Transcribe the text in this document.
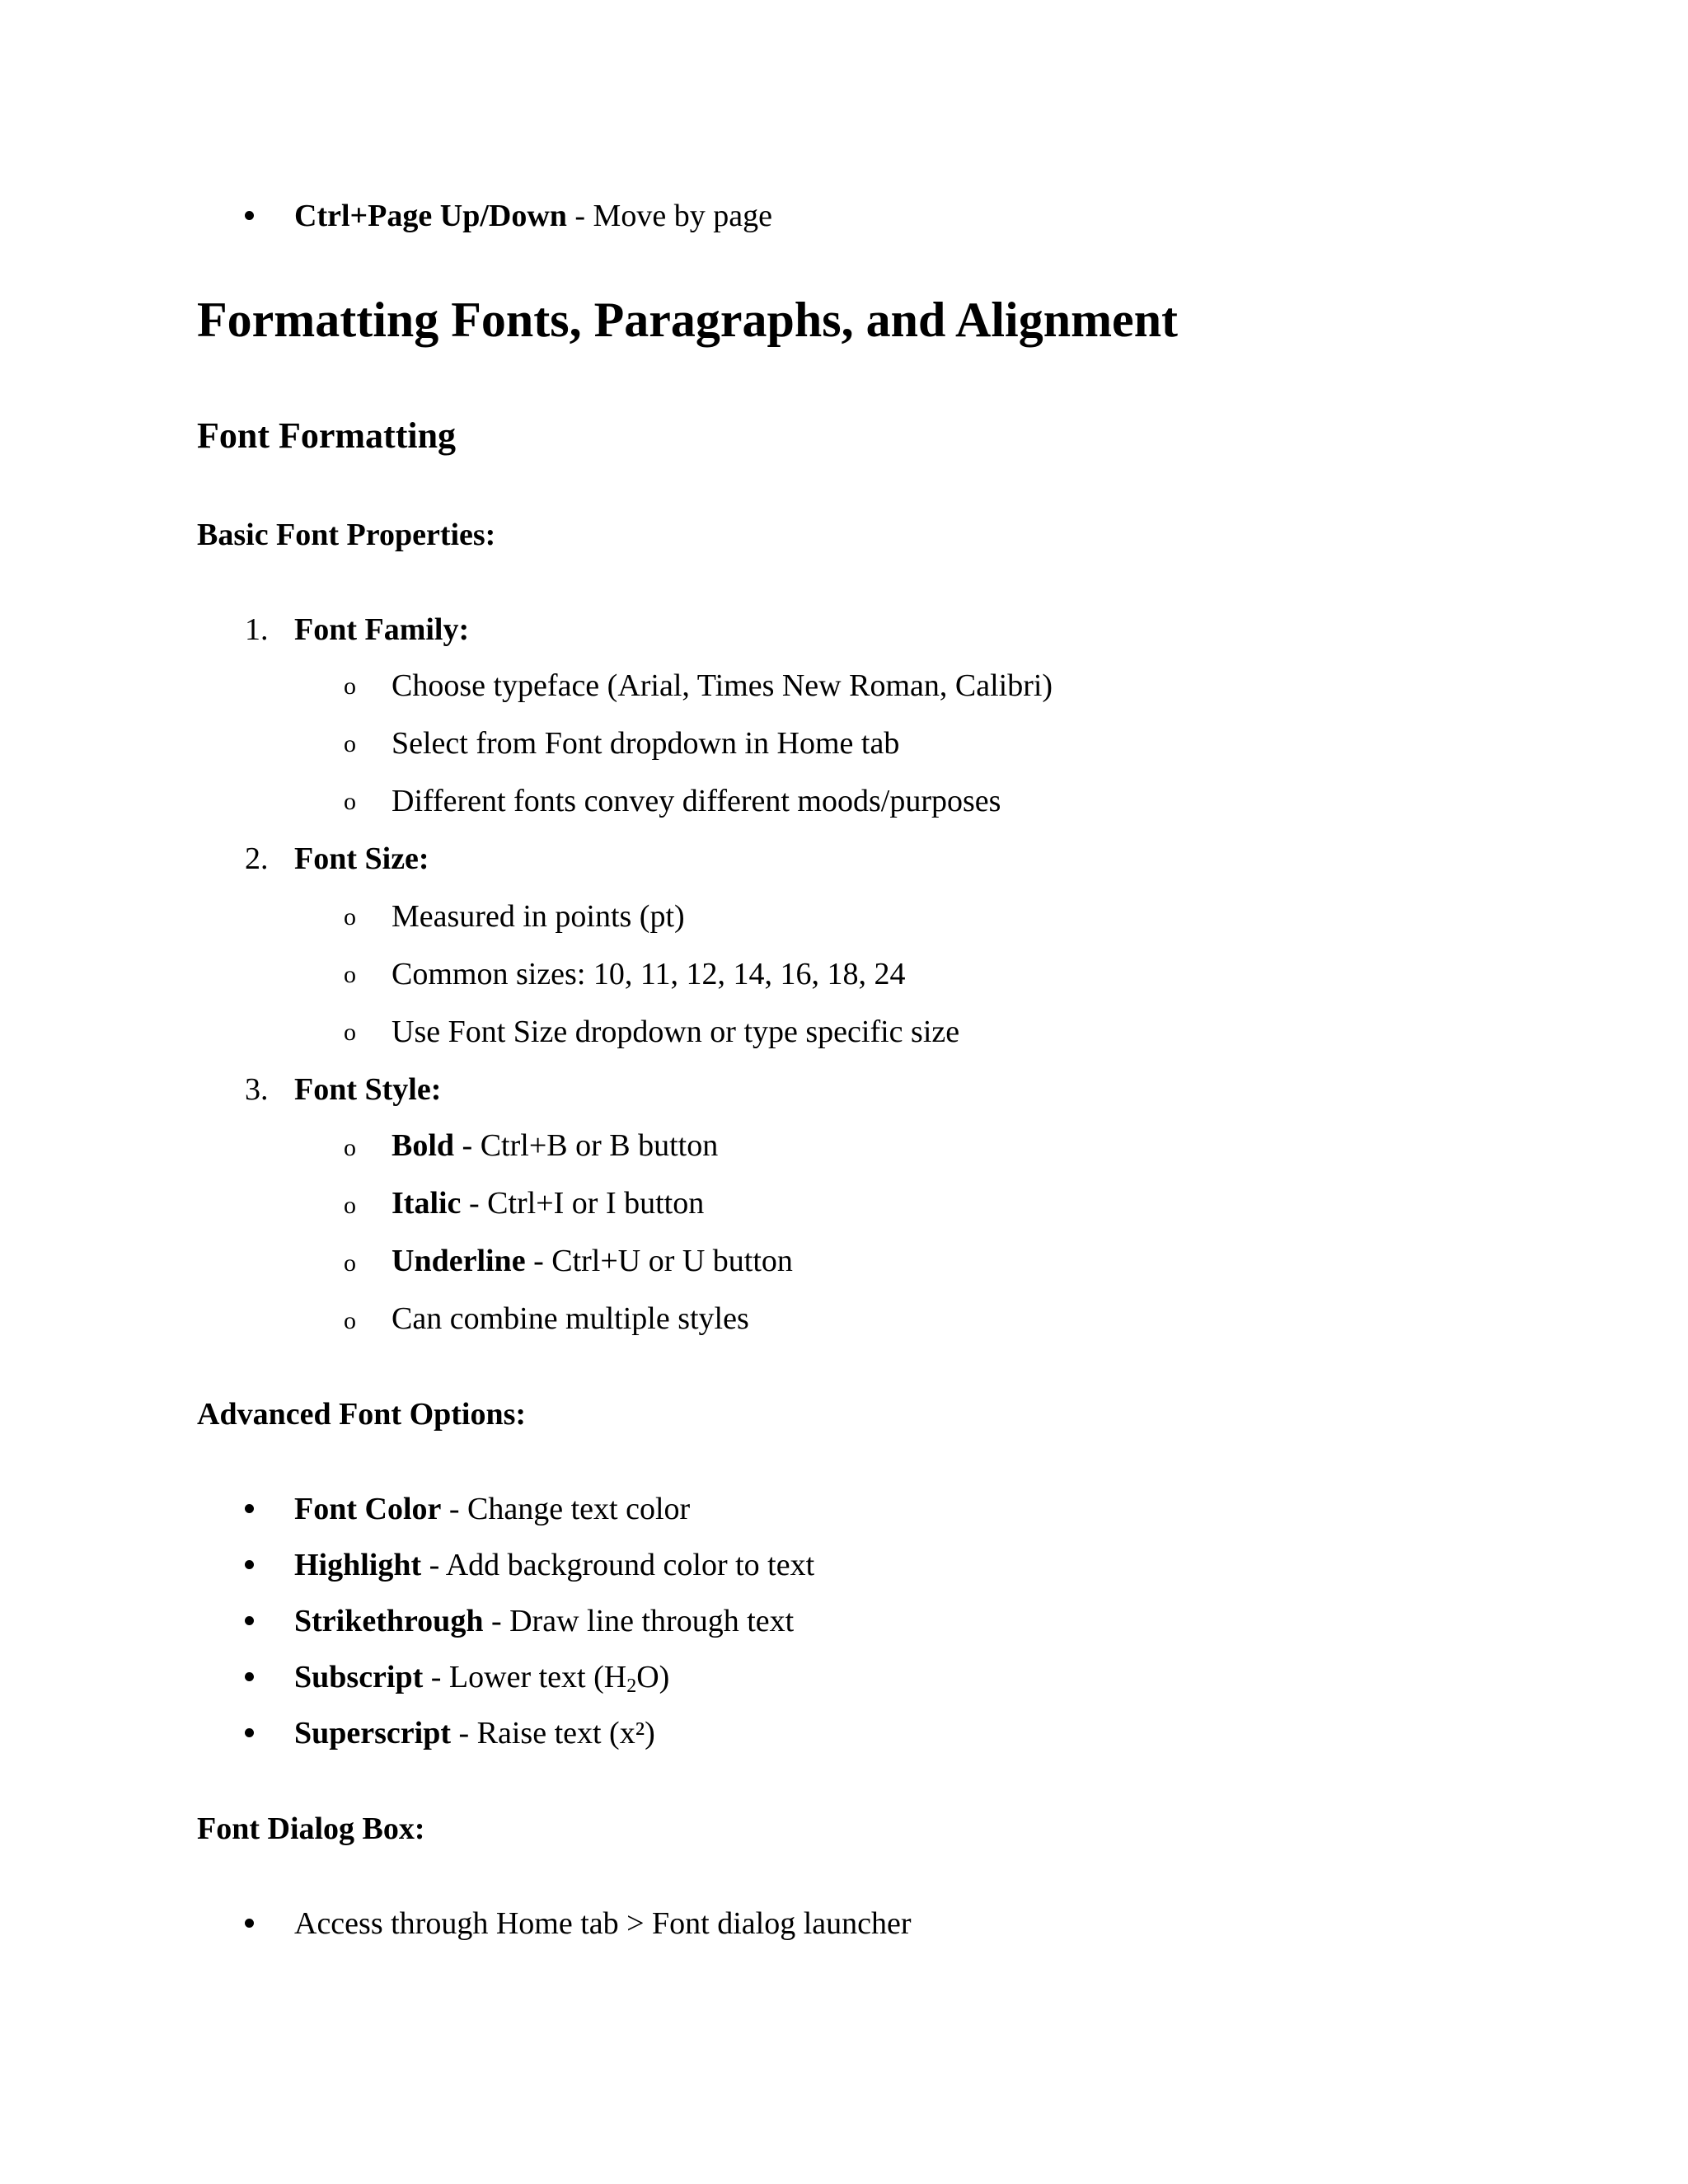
Ctrl+Page Up/Down - Move by page
Formatting Fonts, Paragraphs, and Alignment
Font Formatting
Basic Font Properties:
1. Font Family:
o Choose typeface (Arial, Times New Roman, Calibri)
o Select from Font dropdown in Home tab
o Different fonts convey different moods/purposes
2. Font Size:
o Measured in points (pt)
o Common sizes: 10, 11, 12, 14, 16, 18, 24
o Use Font Size dropdown or type specific size
3. Font Style:
o Bold - Ctrl+B or B button
o Italic - Ctrl+I or I button
o Underline - Ctrl+U or U button
o Can combine multiple styles
Advanced Font Options:
Font Color - Change text color
Highlight - Add background color to text
Strikethrough - Draw line through text
Subscript - Lower text $(H_2O)$
Superscript - Raise text (x²)
Font Dialog Box:
Access through Home tab > Font dialog launcher
